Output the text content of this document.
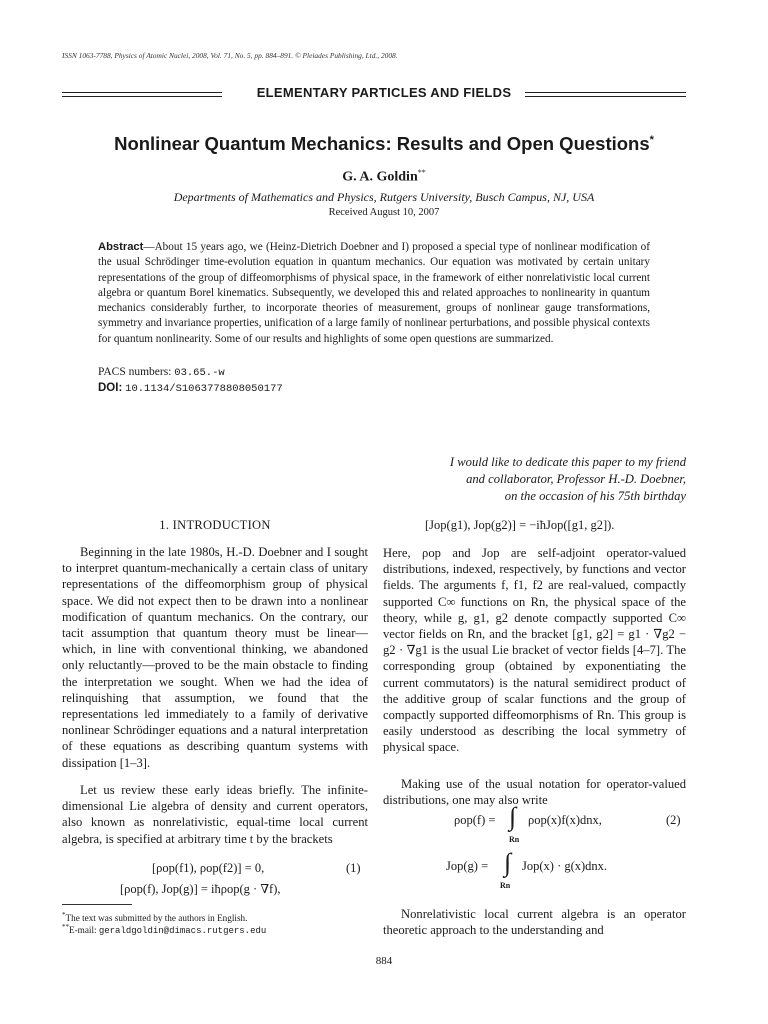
ISSN 1063-7788, Physics of Atomic Nuclei, 2008, Vol. 71, No. 5, pp. 884–891. © Pleiades Publishing, Ltd., 2008.
ELEMENTARY PARTICLES AND FIELDS
Nonlinear Quantum Mechanics: Results and Open Questions*
G. A. Goldin**
Departments of Mathematics and Physics, Rutgers University, Busch Campus, NJ, USA
Received August 10, 2007
Abstract—About 15 years ago, we (Heinz-Dietrich Doebner and I) proposed a special type of nonlinear modification of the usual Schrödinger time-evolution equation in quantum mechanics. Our equation was motivated by certain unitary representations of the group of diffeomorphisms of physical space, in the framework of either nonrelativistic local current algebra or quantum Borel kinematics. Subsequently, we developed this and related approaches to nonlinearity in quantum mechanics considerably further, to incorporate theories of measurement, groups of nonlinear gauge transformations, symmetry and invariance properties, unification of a large family of nonlinear perturbations, and possible physical contexts for quantum nonlinearity. Some of our results and highlights of some open questions are summarized.
PACS numbers: 03.65.-w
DOI: 10.1134/S1063778808050177
I would like to dedicate this paper to my friend
and collaborator, Professor H.-D. Doebner,
on the occasion of his 75th birthday
1. INTRODUCTION

Beginning in the late 1980s, H.-D. Doebner and I sought to interpret quantum-mechanically a certain class of unitary representations of the diffeomorphism group of physical space. We did not expect then to be drawn into a nonlinear modification of quantum mechanics. On the contrary, our tacit assumption that quantum theory must be linear—which, in line with conventional thinking, we abandoned only reluctantly—proved to be the main obstacle to finding the interpretation we sought. When we had the idea of relinquishing that assumption, we found that the representations led immediately to a family of derivative nonlinear Schrödinger equations and a natural interpretation of these equations as describing quantum systems with dissipation [1–3].

Let us review these early ideas briefly. The infinite-dimensional Lie algebra of density and current operators, also known as nonrelativistic, equal-time local current algebra, is specified at arbitrary time t by the brackets

[ρop(f1), ρop(f2)] = 0,	(1)
[ρop(f), Jop(g)] = iħρop(g · ∇f),
[Jop(g1), Jop(g2)] = −iħJop([g1, g2]).

Here, ρop and Jop are self-adjoint operator-valued distributions, indexed, respectively, by functions and vector fields. The arguments f, f1, f2 are real-valued, compactly supported C∞ functions on Rn, the physical space of the theory, while g, g1, g2 denote compactly supported C∞ vector fields on Rn, and the bracket [g1, g2] = g1 · ∇g2 − g2 · ∇g1 is the usual Lie bracket of vector fields [4–7]. The corresponding group (obtained by exponentiating the current commutators) is the natural semidirect product of the additive group of scalar functions and the group of compactly supported diffeomorphisms of Rn. This group is easily understood as describing the local symmetry of physical space.

Making use of the usual notation for operator-valued distributions, one may also write

ρop(f) = ∫
Rn
ρop(x)f(x)dnx,	(2)
Jop(g) = ∫
Rn
Jop(x) · g(x)dnx.

Nonrelativistic local current algebra is an operator theoretic approach to the understanding and

*The text was submitted by the authors in English.
**E-mail: geraldgoldin@dimacs.rutgers.edu
884
